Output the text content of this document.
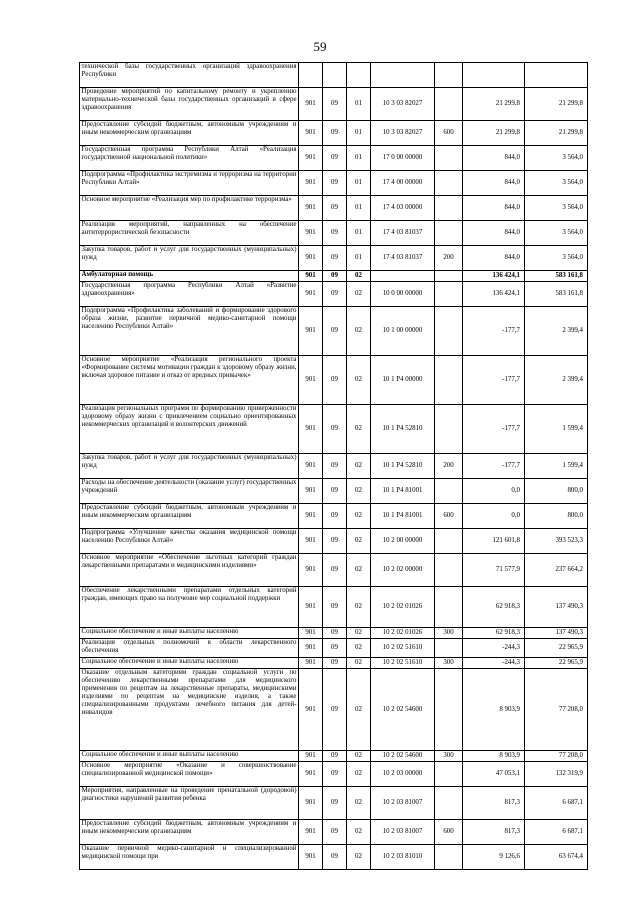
59
технической базы государственных организаций здравоохранения Республики							
Проведение мероприятий по капитальному ремонту и укреплению материально-технической базы государственных организаций в сфере здравоохранения	901	09	01	10 3 03 82027		21 299,8	21 299,8
Предоставление субсидий бюджетным, автономным учреждениям и иным некоммерческим организациям	901	09	01	10 3 03 82027	600	21 299,8	21 299,8
Государственная программа Республики Алтай «Реализация государственной национальной политики»	901	09	01	17 0 00 00000		844,0	3 564,0
Подпрограмма «Профилактика экстремизма и терроризма на территории Республики Алтай»	901	09	01	17 4 00 00000		844,0	3 564,0
Основное мероприятие «Реализация мер по профилактике терроризма»	901	09	01	17 4 03 00000		844,0	3 564,0
Реализация мероприятий, направленных на обеспечение антитеррористической безопасности	901	09	01	17 4 03 81037		844,0	3 564,0
Закупка товаров, работ и услуг для государственных (муниципальных) нужд	901	09	01	17 4 03 81037	200	844,0	3 564,0
Амбулаторная помощь	901	09	02			136 424,1	583 161,8
Государственная программа Республики Алтай «Развитие здравоохранения»	901	09	02	10 0 00 00000		136 424,1	583 161,8
Подпрограмма «Профилактика заболеваний и формирование здорового образа жизни, развитие первичной медико-санитарной помощи населению Республики Алтай»	901	09	02	10 1 00 00000		-177,7	2 399,4
Основное мероприятие «Реализация регионального проекта «Формирование системы мотивации граждан к здоровому образу жизни, включая здоровое питание и отказ от вредных привычек»	901	09	02	10 1 P4 00000		-177,7	2 399,4
Реализация региональных программ по формированию приверженности здоровому образу жизни с привлечением социально ориентированных некоммерческих организаций и волонтерских движений	901	09	02	10 1 P4 52810		-177,7	1 599,4
Закупка товаров, работ и услуг для государственных (муниципальных) нужд	901	09	02	10 1 P4 52810	200	-177,7	1 599,4
Расходы на обеспечение деятельности (оказание услуг) государственных учреждений	901	09	02	10 1 P4 81001		0,0	800,0
Предоставление субсидий бюджетным, автономным учреждениям и иным некоммерческим организациям	901	09	02	10 1 P4 81001	600	0,0	800,0
Подпрограмма «Улучшение качества оказания медицинской помощи населению Республики Алтай»	901	09	02	10 2 00 00000		121 601,8	393 523,3
Основное мероприятие «Обеспечение льготных категорий граждан лекарственными препаратами и медицинскими изделиями»	901	09	02	10 2 02 00000		71 577,9	237 664,2
Обеспечение лекарственными препаратами отдельных категорий граждан, имеющих право на получение мер социальной поддержки	901	09	02	10 2 02 01026		62 918,3	137 490,3
Социальное обеспечение и иные выплаты населению	901	09	02	10 2 02 01026	300	62 918,3	137 490,3
Реализация отдельных полномочий в области лекарственного обеспечения	901	09	02	10 2 02 51610		-244,3	22 965,9
Социальное обеспечение и иные выплаты населению	901	09	02	10 2 02 51610	300	-244,3	22 965,9
Оказание отдельным категориям граждан социальной услуги по обеспечению лекарственными препаратами для медицинского применения по рецептам на лекарственные препараты, медицинскими изделиями по рецептам на медицинские изделия, а также специализированными продуктами лечебного питания для детей-инвалидов	901	09	02	10 2 02 54600		8 903,9	77 208,0
Социальное обеспечение и иные выплаты населению	901	09	02	10 2 02 54600	300	8 903,9	77 208,0
Основное мероприятие «Оказание и совершенствование специализированной медицинской помощи»	901	09	02	10 2 03 00000		47 053,1	132 319,9
Мероприятия, направленные на проведение пренатальной (дородовой) диагностики нарушений развития ребенка	901	09	02	10 2 03 81007		817,3	6 687,1
Предоставление субсидий бюджетным, автономным учреждениям и иным некоммерческим организациям	901	09	02	10 2 03 81007	600	817,3	6 687,1
Оказание первичной медико-санитарной и специализированной медицинской помощи при	901	09	02	10 2 03 81010		9 126,6	63 674,4
